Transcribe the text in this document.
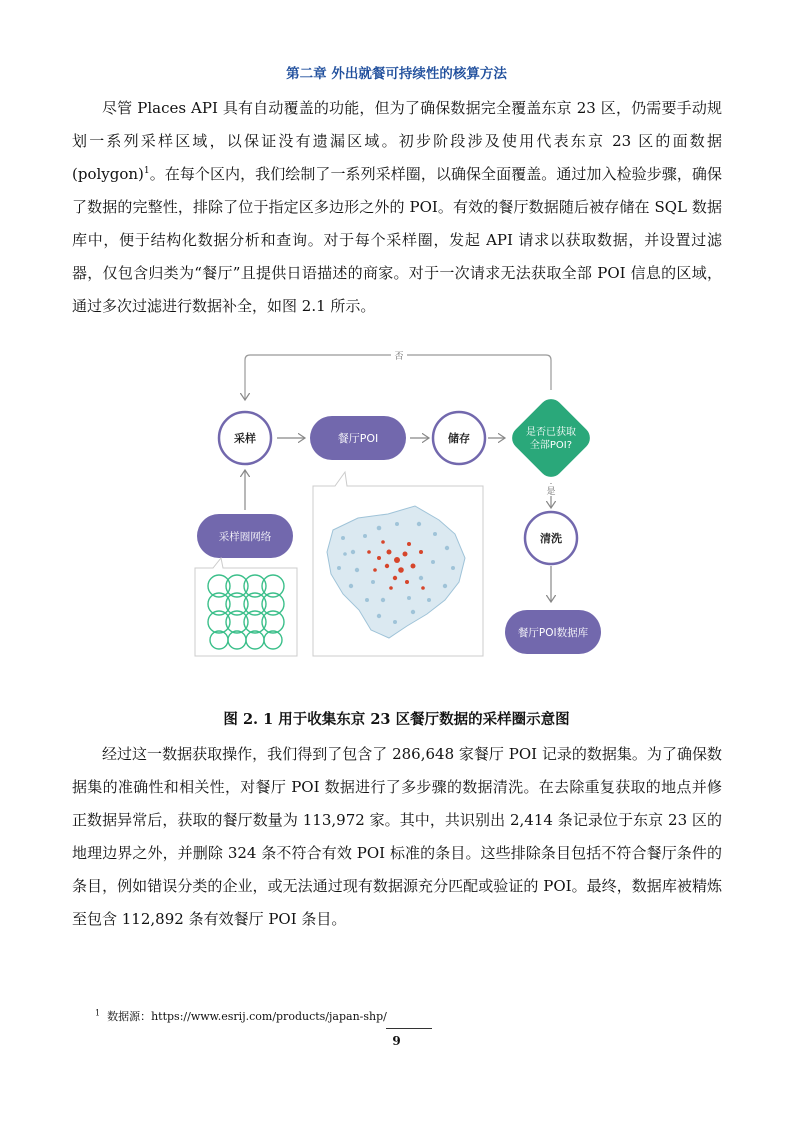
第二章 外出就餐可持续性的核算方法

尽管 Places API 具有自动覆盖的功能，但为了确保数据完全覆盖东京 23 区，仍需要手动规划一系列采样区域，以保证没有遗漏区域。初步阶段涉及使用代表东京 23 区的面数据(polygon)$^1$。在每个区内，我们绘制了一系列采样圈，以确保全面覆盖。通过加入检验步骤，确保了数据的完整性，排除了位于指定区多边形之外的 POI。有效的餐厅数据随后被存储在 SQL 数据库中，便于结构化数据分析和查询。对于每个采样圈，发起 API 请求以获取数据，并设置过滤器，仅包含归类为“餐厅”且提供日语描述的商家。对于一次请求无法获取全部 POI 信息的区域，通过多次过滤进行数据补全，如图 2.1 所示。

否
采样	餐厅POI	储存	是否已获取
全部POI?
是
清洗
餐厅POI数据库
采样圈网络
图 2. 1 用于收集东京 23 区餐厅数据的采样圈示意图

经过这一数据获取操作，我们得到了包含了 286,648 家餐厅 POI 记录的数据集。为了确保数据集的准确性和相关性，对餐厅 POI 数据进行了多步骤的数据清洗。在去除重复获取的地点并修正数据异常后，获取的餐厅数量为 113,972 家。其中，共识别出 2,414 条记录位于东京 23 区的地理边界之外，并删除 324 条不符合有效 POI 标准的条目。这些排除条目包括不符合餐厅条件的条目，例如错误分类的企业，或无法通过现有数据源充分匹配或验证的 POI。最终，数据库被精炼至包含 112,892 条有效餐厅 POI 条目。

$^1$ 数据源：https://www.esrij.com/products/japan-shp/
9
